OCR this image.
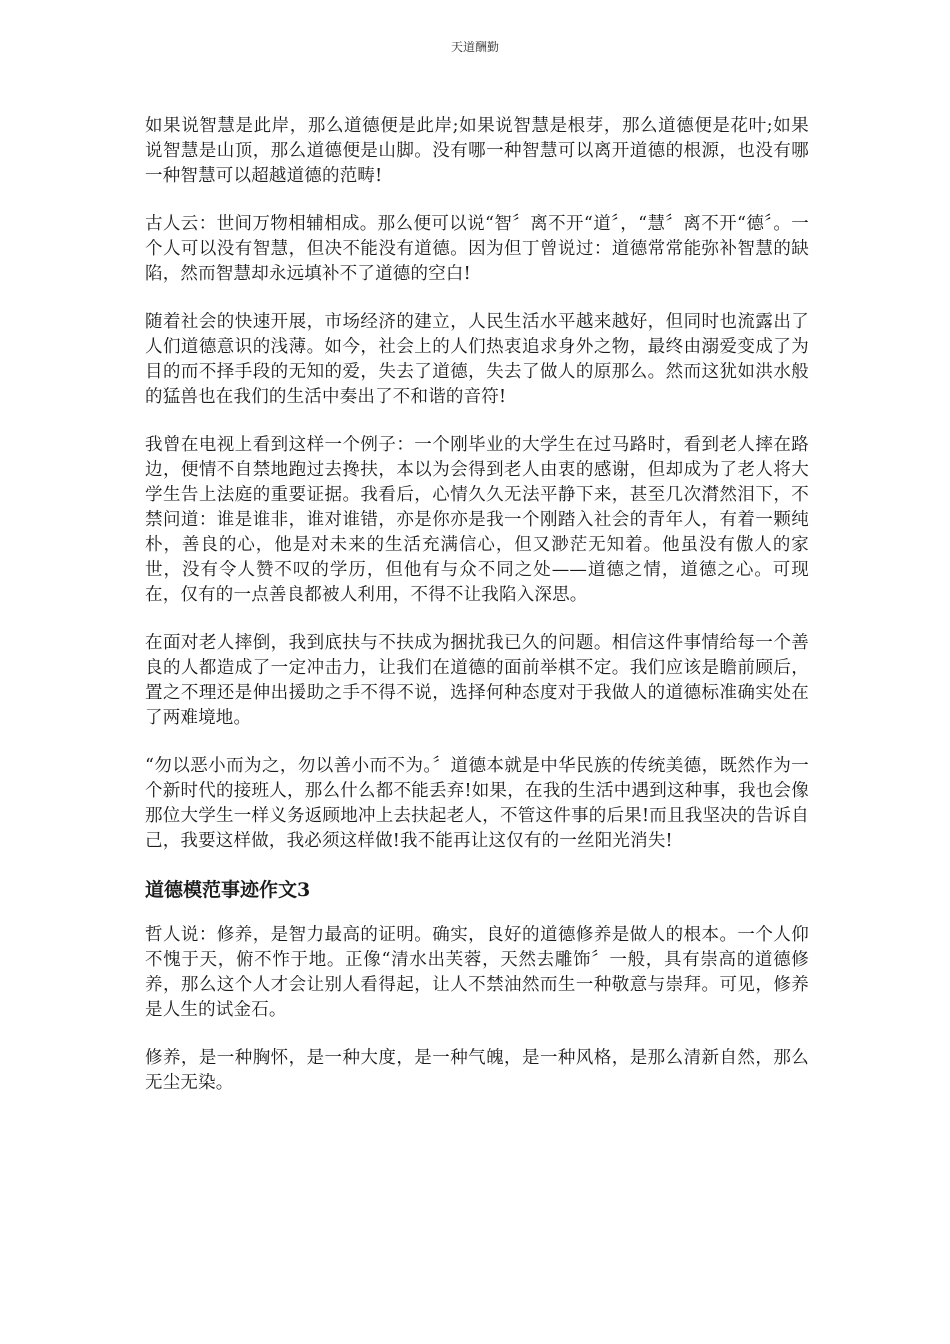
天道酬勤

如果说智慧是此岸，那么道德便是此岸;如果说智慧是根芽，那么道德便是花叶;如果说智慧是山顶，那么道德便是山脚。没有哪一种智慧可以离开道德的根源，也没有哪一种智慧可以超越道德的范畴!

古人云：世间万物相辅相成。那么便可以说“智〞离不开“道〞，“慧〞离不开“德〞。一个人可以没有智慧，但决不能没有道德。因为但丁曾说过：道德常常能弥补智慧的缺陷，然而智慧却永远填补不了道德的空白!

随着社会的快速开展，市场经济的建立，人民生活水平越来越好，但同时也流露出了人们道德意识的浅薄。如今，社会上的人们热衷追求身外之物，最终由溺爱变成了为目的而不择手段的无知的爱，失去了道德，失去了做人的原那么。然而这犹如洪水般的猛兽也在我们的生活中奏出了不和谐的音符!

我曾在电视上看到这样一个例子：一个刚毕业的大学生在过马路时，看到老人摔在路边，便情不自禁地跑过去搀扶，本以为会得到老人由衷的感谢，但却成为了老人将大学生告上法庭的重要证据。我看后，心情久久无法平静下来，甚至几次潸然泪下，不禁问道：谁是谁非，谁对谁错，亦是你亦是我一个刚踏入社会的青年人，有着一颗纯朴，善良的心，他是对未来的生活充满信心，但又渺茫无知着。他虽没有傲人的家世，没有令人赞不叹的学历，但他有与众不同之处——道德之情，道德之心。可现在，仅有的一点善良都被人利用，不得不让我陷入深思。

在面对老人摔倒，我到底扶与不扶成为捆扰我已久的问题。相信这件事情给每一个善良的人都造成了一定冲击力，让我们在道德的面前举棋不定。我们应该是瞻前顾后，置之不理还是伸出援助之手不得不说，选择何种态度对于我做人的道德标准确实处在了两难境地。

“勿以恶小而为之，勿以善小而不为。〞道德本就是中华民族的传统美德，既然作为一个新时代的接班人，那么什么都不能丢弃!如果，在我的生活中遇到这种事，我也会像那位大学生一样义务返顾地冲上去扶起老人，不管这件事的后果!而且我坚决的告诉自己，我要这样做，我必须这样做!我不能再让这仅有的一丝阳光消失!

道德模范事迹作文3

哲人说：修养，是智力最高的证明。确实，良好的道德修养是做人的根本。一个人仰不愧于天，俯不怍于地。正像“清水出芙蓉，天然去雕饰〞一般，具有崇高的道德修养，那么这个人才会让别人看得起，让人不禁油然而生一种敬意与崇拜。可见，修养是人生的试金石。

修养，是一种胸怀，是一种大度，是一种气魄，是一种风格，是那么清新自然，那么无尘无染。
